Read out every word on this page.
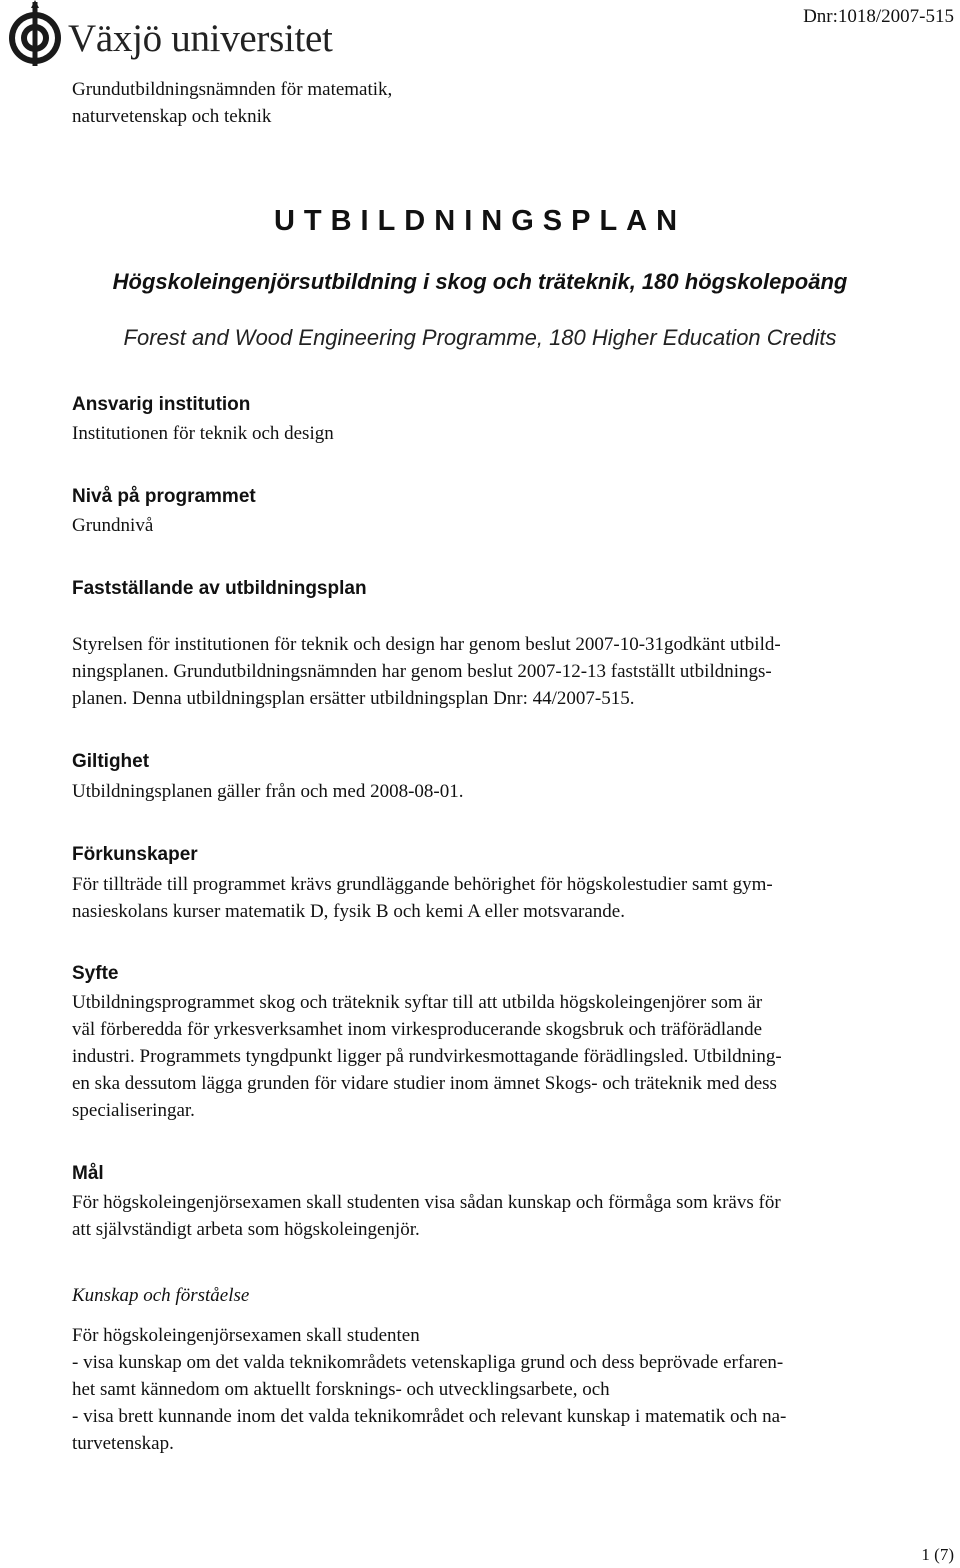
Växjö universitet
Dnr:1018/2007-515
Grundutbildningsnämnden för matematik,
naturvetenskap och teknik
UTBILDNINGSPLAN
Högskoleingenjörsutbildning i skog och träteknik, 180 högskolepoäng
Forest and Wood Engineering Programme, 180 Higher Education Credits
Ansvarig institution
Institutionen för teknik och design
Nivå på programmet
Grundnivå
Fastställande av utbildningsplan
Styrelsen för institutionen för teknik och design har genom beslut 2007-10-31godkänt utbild-
ningsplanen. Grundutbildningsnämnden har genom beslut 2007-12-13 fastställt utbildnings-
planen. Denna utbildningsplan ersätter utbildningsplan Dnr: 44/2007-515.
Giltighet
Utbildningsplanen gäller från och med 2008-08-01.
Förkunskaper
För tillträde till programmet krävs grundläggande behörighet för högskolestudier samt gym-
nasieskolans kurser matematik D, fysik B och kemi A eller motsvarande.
Syfte
Utbildningsprogrammet skog och träteknik syftar till att utbilda högskoleingenjörer som är
väl förberedda för yrkesverksamhet inom virkesproducerande skogsbruk och träförädlande
industri. Programmets tyngdpunkt ligger på rundvirkesmottagande förädlingsled. Utbildning-
en ska dessutom lägga grunden för vidare studier inom ämnet Skogs- och träteknik med dess
specialiseringar.
Mål
För högskoleingenjörsexamen skall studenten visa sådan kunskap och förmåga som krävs för
att självständigt arbeta som högskoleingenjör.
Kunskap och förståelse
För högskoleingenjörsexamen skall studenten
- visa kunskap om det valda teknikområdets vetenskapliga grund och dess beprövade erfaren-
het samt kännedom om aktuellt forsknings- och utvecklingsarbete, och
- visa brett kunnande inom det valda teknikområdet och relevant kunskap i matematik och na-
turvetenskap.
1 (7)
